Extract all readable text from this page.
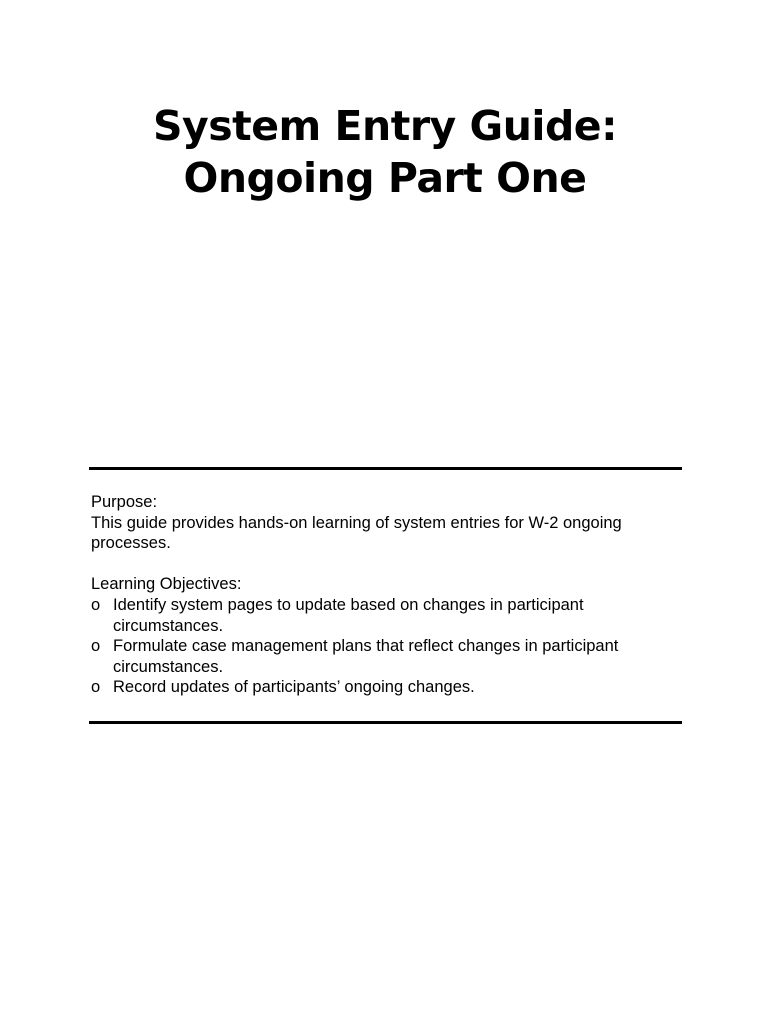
System Entry Guide:
Ongoing Part One

Purpose:

This guide provides hands-on learning of system entries for W-2 ongoing processes.

Learning Objectives:

o Identify system pages to update based on changes in participant circumstances.
o Formulate case management plans that reflect changes in participant circumstances.
o Record updates of participants’ ongoing changes.
